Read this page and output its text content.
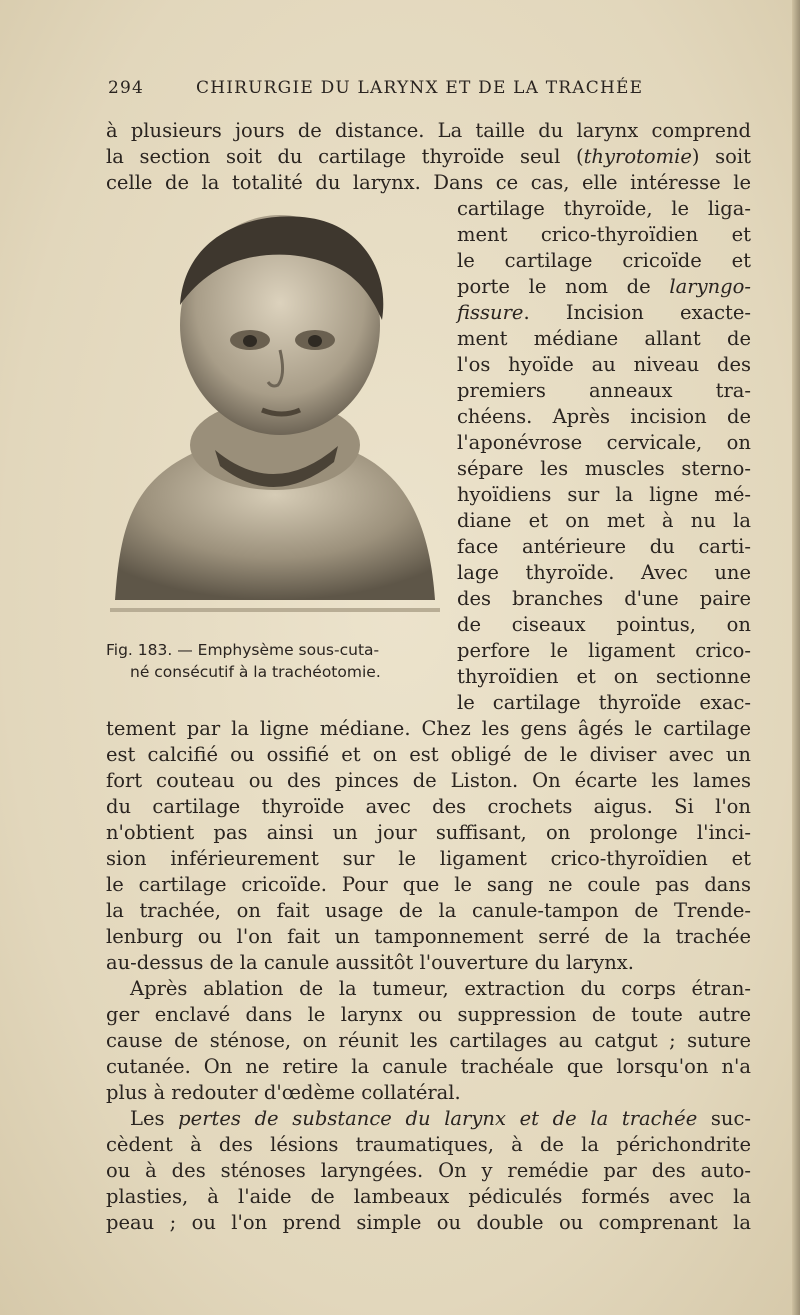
294	CHIRURGIE DU LARYNX ET DE LA TRACHÉE
à plusieurs jours de distance. La taille du larynx comprend
la section soit du cartilage thyroïde seul (thyrotomie) soit
celle de la totalité du larynx. Dans ce cas, elle intéresse le
cartilage thyroïde, le liga-
ment crico-thyroïdien et
le cartilage cricoïde et
porte le nom de laryngo-
fissure. Incision exacte-
ment médiane allant de
l'os hyoïde au niveau des
premiers anneaux tra-
chéens. Après incision de
l'aponévrose cervicale, on
sépare les muscles sterno-
hyoïdiens sur la ligne mé-
diane et on met à nu la
face antérieure du carti-
lage thyroïde. Avec une
des branches d'une paire
de ciseaux pointus, on
perfore le ligament crico-
thyroïdien et on sectionne
le cartilage thyroïde exac-
Fig. 183. — Emphysème sous-cuta-
né consécutif à la trachéotomie.
tement par la ligne médiane. Chez les gens âgés le cartilage
est calcifié ou ossifié et on est obligé de le diviser avec un
fort couteau ou des pinces de Liston. On écarte les lames
du cartilage thyroïde avec des crochets aigus. Si l'on
n'obtient pas ainsi un jour suffisant, on prolonge l'inci-
sion inférieurement sur le ligament crico-thyroïdien et
le cartilage cricoïde. Pour que le sang ne coule pas dans
la trachée, on fait usage de la canule-tampon de Trende-
lenburg ou l'on fait un tamponnement serré de la trachée
au-dessus de la canule aussitôt l'ouverture du larynx.
Après ablation de la tumeur, extraction du corps étran-
ger enclavé dans le larynx ou suppression de toute autre
cause de sténose, on réunit les cartilages au catgut ; suture
cutanée. On ne retire la canule trachéale que lorsqu'on n'a
plus à redouter d'œdème collatéral.
Les pertes de substance du larynx et de la trachée suc-
cèdent à des lésions traumatiques, à de la périchondrite
ou à des sténoses laryngées. On y remédie par des auto-
plasties, à l'aide de lambeaux pédiculés formés avec la
peau ; ou l'on prend simple ou double ou comprenant la
